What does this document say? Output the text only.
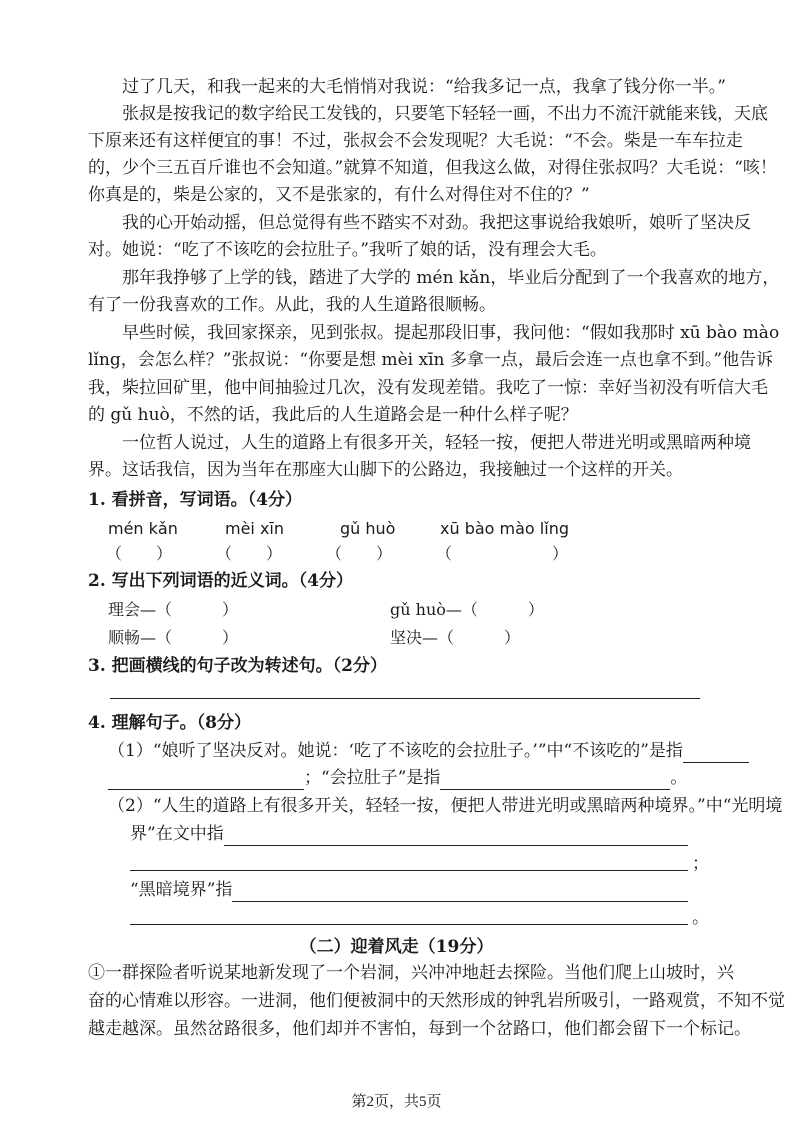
　　过了几天，和我一起来的大毛悄悄对我说：“给我多记一点，我拿了钱分你一半。”
　　张叔是按我记的数字给民工发钱的，只要笔下轻轻一画，不出力不流汗就能来钱，天底
下原来还有这样便宜的事！不过，张叔会不会发现呢？大毛说：“不会。柴是一车车拉走
的，少个三五百斤谁也不会知道。”就算不知道，但我这么做，对得住张叔吗？大毛说：“咳！
你真是的，柴是公家的，又不是张家的，有什么对得住对不住的？”
　　我的心开始动摇，但总觉得有些不踏实不对劲。我把这事说给我娘听，娘听了坚决反
对。她说：“吃了不该吃的会拉肚子。”我听了娘的话，没有理会大毛。
　　那年我挣够了上学的钱，踏进了大学的 mén kǎn，毕业后分配到了一个我喜欢的地方，
有了一份我喜欢的工作。从此，我的人生道路很顺畅。
　　早些时候，我回家探亲，见到张叔。提起那段旧事，我问他：“假如我那时 xū bào mào
lǐng，会怎么样？”张叔说：“你要是想 mèi xīn 多拿一点，最后会连一点也拿不到。”他告诉
我，柴拉回矿里，他中间抽验过几次，没有发现差错。我吃了一惊：幸好当初没有听信大毛
的 gǔ huò，不然的话，我此后的人生道路会是一种什么样子呢？
　　一位哲人说过，人生的道路上有很多开关，轻轻一按，便把人带进光明或黑暗两种境
界。这话我信，因为当年在那座大山脚下的公路边，我接触过一个这样的开关。
1. 看拼音，写词语。（4分）
mén kǎn	mèi xīn	gǔ huò	xū bào mào lǐng
（ ）	（ ）	（ ）	（	）
2. 写出下列词语的近义词。（4分）
理会—（	）	gǔ huò—（	）
顺畅—（	）	坚决—（	）
3. 把画横线的句子改为转述句。（2分）
4. 理解句子。（8分）
（1）“娘听了坚决反对。她说：‘吃了不该吃的会拉肚子。’”中“不该吃的”是指
；“会拉肚子”是指	。
（2）“人生的道路上有很多开关，轻轻一按，便把人带进光明或黑暗两种境界。”中“光明境
界”在文中指
；
“黑暗境界”指
。
（二）迎着风走（19分）
①一群探险者听说某地新发现了一个岩洞，兴冲冲地赶去探险。当他们爬上山坡时，兴
奋的心情难以形容。一进洞，他们便被洞中的天然形成的钟乳岩所吸引，一路观赏，不知不觉
越走越深。虽然岔路很多，他们却并不害怕，每到一个岔路口，他们都会留下一个标记。
第2页，共5页
